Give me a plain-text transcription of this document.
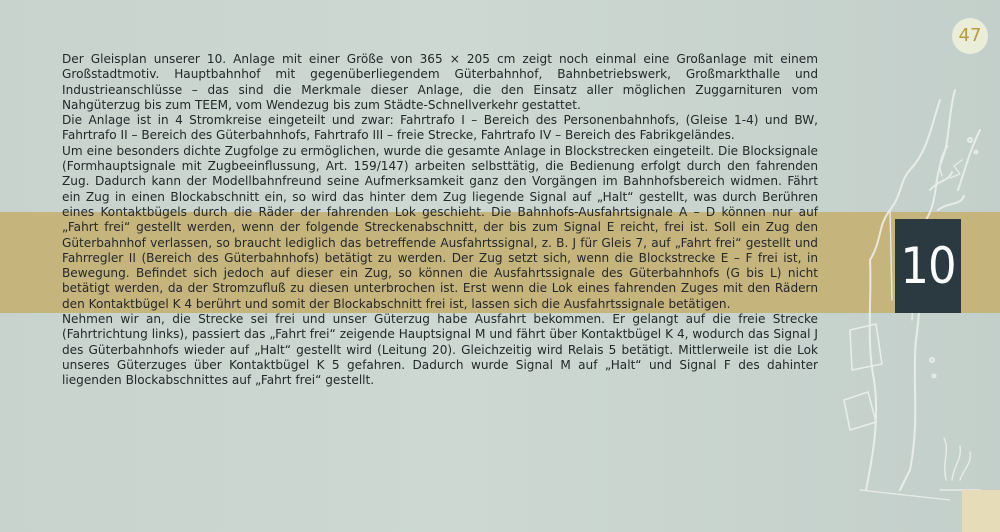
47
10

Der Gleisplan unserer 10. Anlage mit einer Größe von 365 × 205 cm zeigt noch einmal eine Großanlage mit einem Großstadtmotiv. Hauptbahnhof mit gegenüberliegendem Güterbahnhof, Bahnbetriebswerk, Großmarkthalle und Industrieanschlüsse – das sind die Merkmale dieser Anlage, die den Einsatz aller möglichen Zuggarnituren vom Nahgüterzug bis zum TEEM, vom Wendezug bis zum Städte-Schnellverkehr gestattet.

Die Anlage ist in 4 Stromkreise eingeteilt und zwar: Fahrtrafo I – Bereich des Personenbahnhofs, (Gleise 1-4) und BW, Fahrtrafo II – Bereich des Güterbahnhofs, Fahrtrafo III – freie Strecke, Fahrtrafo IV – Bereich des Fabrikgeländes.

Um eine besonders dichte Zugfolge zu ermöglichen, wurde die gesamte Anlage in Blockstrecken eingeteilt. Die Blocksignale (Formhauptsignale mit Zugbeeinflussung, Art. 159/147) arbeiten selbsttätig, die Bedienung erfolgt durch den fahrenden Zug. Dadurch kann der Modellbahnfreund seine Aufmerksamkeit ganz den Vorgängen im Bahnhofsbereich widmen. Fährt ein Zug in einen Blockabschnitt ein, so wird das hinter dem Zug liegende Signal auf „Halt“ gestellt, was durch Berühren eines Kontaktbügels durch die Räder der fahrenden Lok geschieht. Die Bahnhofs-Ausfahrtsignale A – D können nur auf „Fahrt frei“ gestellt werden, wenn der folgende Streckenabschnitt, der bis zum Signal E reicht, frei ist. Soll ein Zug den Güterbahnhof verlassen, so braucht lediglich das betreffende Ausfahrtssignal, z. B. J für Gleis 7, auf „Fahrt frei“ gestellt und Fahrregler II (Bereich des Güterbahnhofs) betätigt zu werden. Der Zug setzt sich, wenn die Blockstrecke E – F frei ist, in Bewegung. Befindet sich jedoch auf dieser ein Zug, so können die Ausfahrtssignale des Güterbahnhofs (G bis L) nicht betätigt werden, da der Stromzufluß zu diesen unterbrochen ist. Erst wenn die Lok eines fahrenden Zuges mit den Rädern den Kontaktbügel K 4 berührt und somit der Blockabschnitt frei ist, lassen sich die Ausfahrtssignale betätigen.

Nehmen wir an, die Strecke sei frei und unser Güterzug habe Ausfahrt bekommen. Er gelangt auf die freie Strecke (Fahrtrichtung links), passiert das „Fahrt frei“ zeigende Hauptsignal M und fährt über Kontaktbügel K 4, wodurch das Signal J des Güterbahnhofs wieder auf „Halt“ gestellt wird (Leitung 20). Gleichzeitig wird Relais 5 betätigt. Mittlerweile ist die Lok unseres Güterzuges über Kontaktbügel K 5 gefahren. Dadurch wurde Signal M auf „Halt“ und Signal F des dahinter liegenden Blockabschnittes auf „Fahrt frei“ gestellt.
